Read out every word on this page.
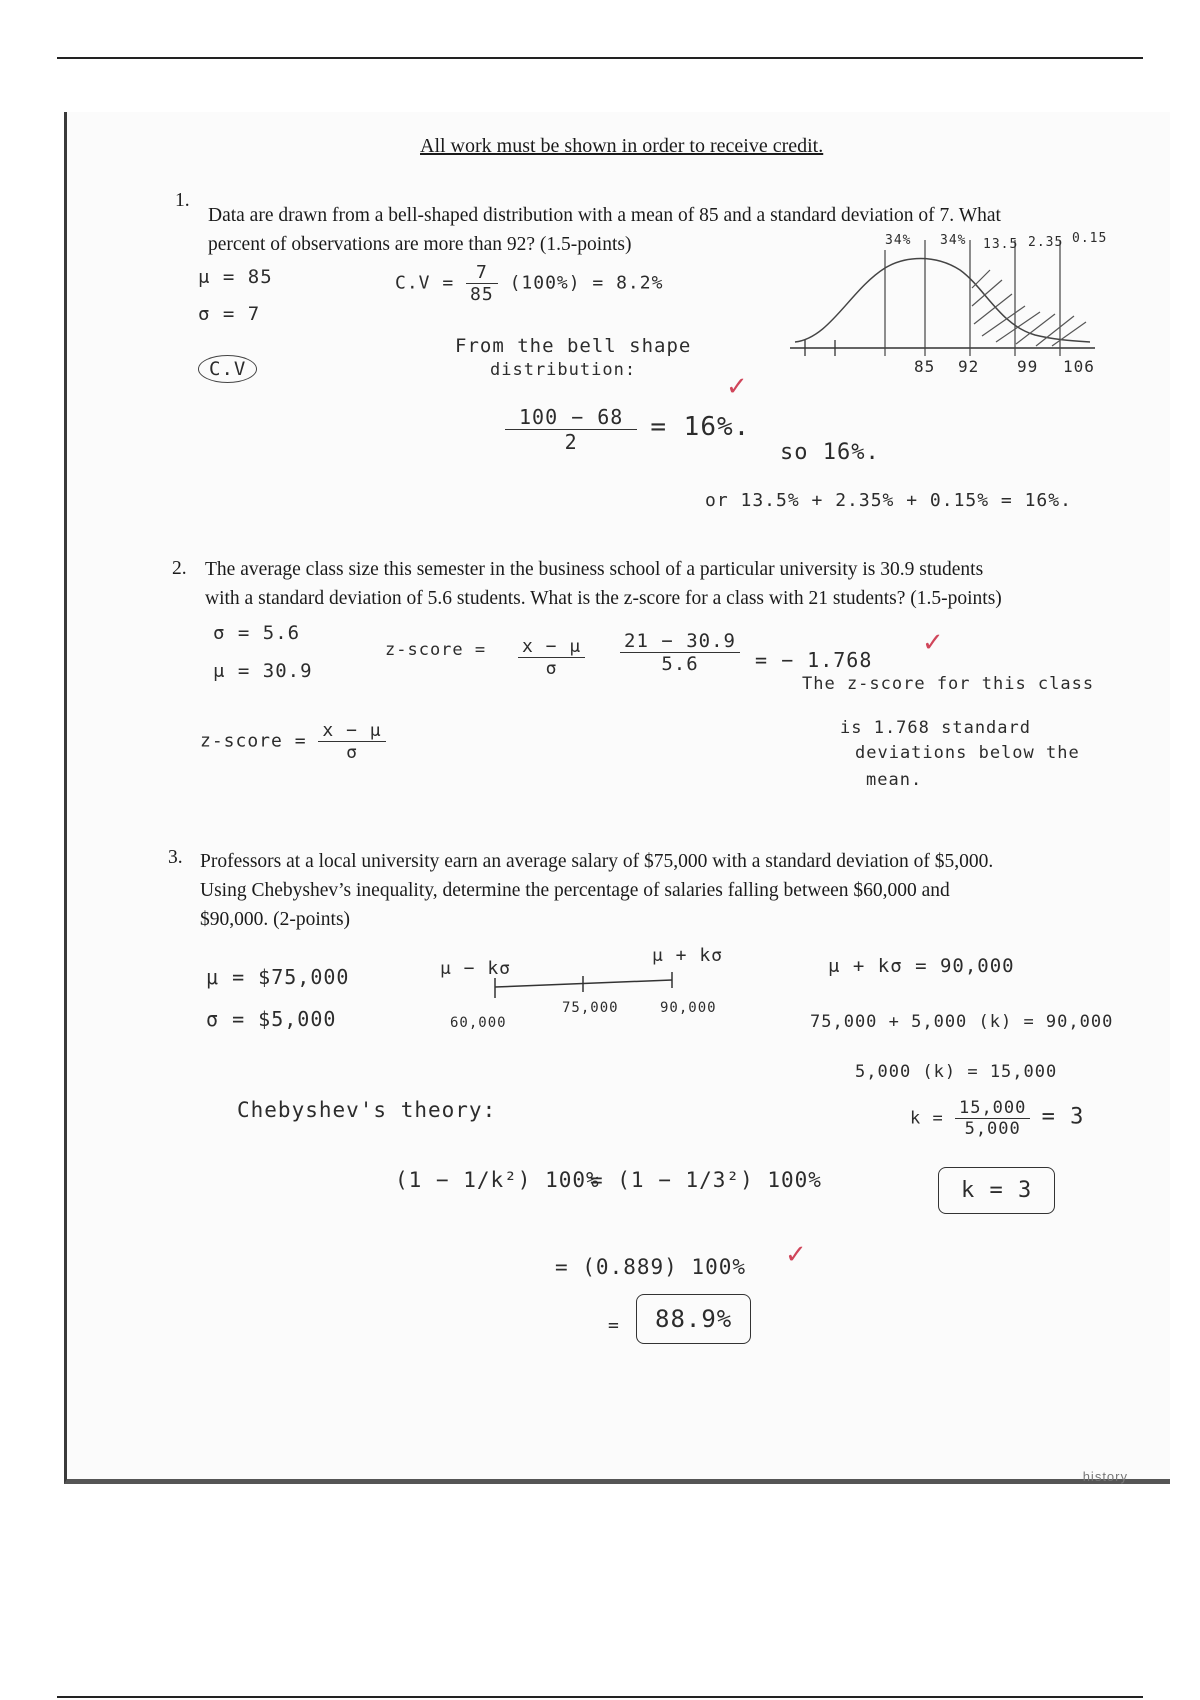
history
All work must be shown in order to receive credit.
1.
Data are drawn from a bell-shaped distribution with a mean of 85 and a standard deviation of 7. What
percent of observations are more than 92? (1.5-points)
μ = 85
σ = 7
C.V
$C.V = \frac{7}{85} (100\%) = 8.2\%$
From the bell shape
distribution:
$\frac{100 - 68}{2} = 16\%$.
✓
so 16%.
or 13.5% + 2.35% + 0.15% = 16%.
34% 34% 13.5 2.35 0.15
85 92 99 106
2. The average class size this semester in the business school of a particular university is 30.9 students
with a standard deviation of 5.6 students. What is the z-score for a class with 21 students? (1.5-points)
σ = 5.6
μ = 30.9
z-score = $\frac{x - \mu}{\sigma} \frac{21 - 30.9}{5.6}$ = − 1.768
✓
z-score = $\frac{x - \mu}{\sigma}$
The z-score for this class
is 1.768 standard
deviations below the
mean.
3. Professors at a local university earn an average salary of $75,000 with a standard deviation of $5,000.
Using Chebyshev’s inequality, determine the percentage of salaries falling between $60,000 and
$90,000. (2-points)
μ = $75,000
σ = $5,000
μ − kσ
μ + kσ
60,000
75,000	90,000
μ + kσ = 90,000
75,000 + 5,000 (k) = 90,000
5,000 (k) = 15,000
$k = \frac{15,000}{5,000} = 3$
k = 3
Chebyshev's theory:
(1 − 1/k²) 100%
= (1 − 1/3²) 100%
= (0.889) 100% ✓
=	88.9%
